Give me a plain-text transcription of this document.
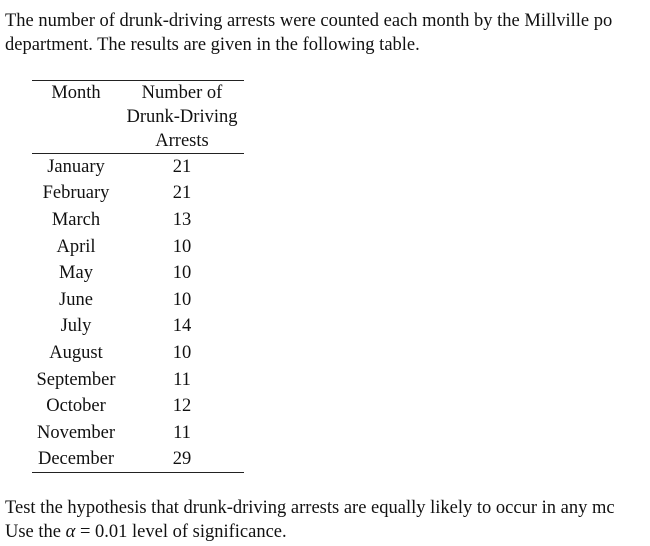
The number of drunk-driving arrests were counted each month by the Millville po
department. The results are given in the following table.
Month	Number of
Drunk-Driving
Arrests

January	21
February	21
March	13
April	10
May	10
June	10
July	14
August	10
September	11
October	12
November	11
December	29
Test the hypothesis that drunk-driving arrests are equally likely to occur in any mc
Use the α = 0.01 level of significance.
